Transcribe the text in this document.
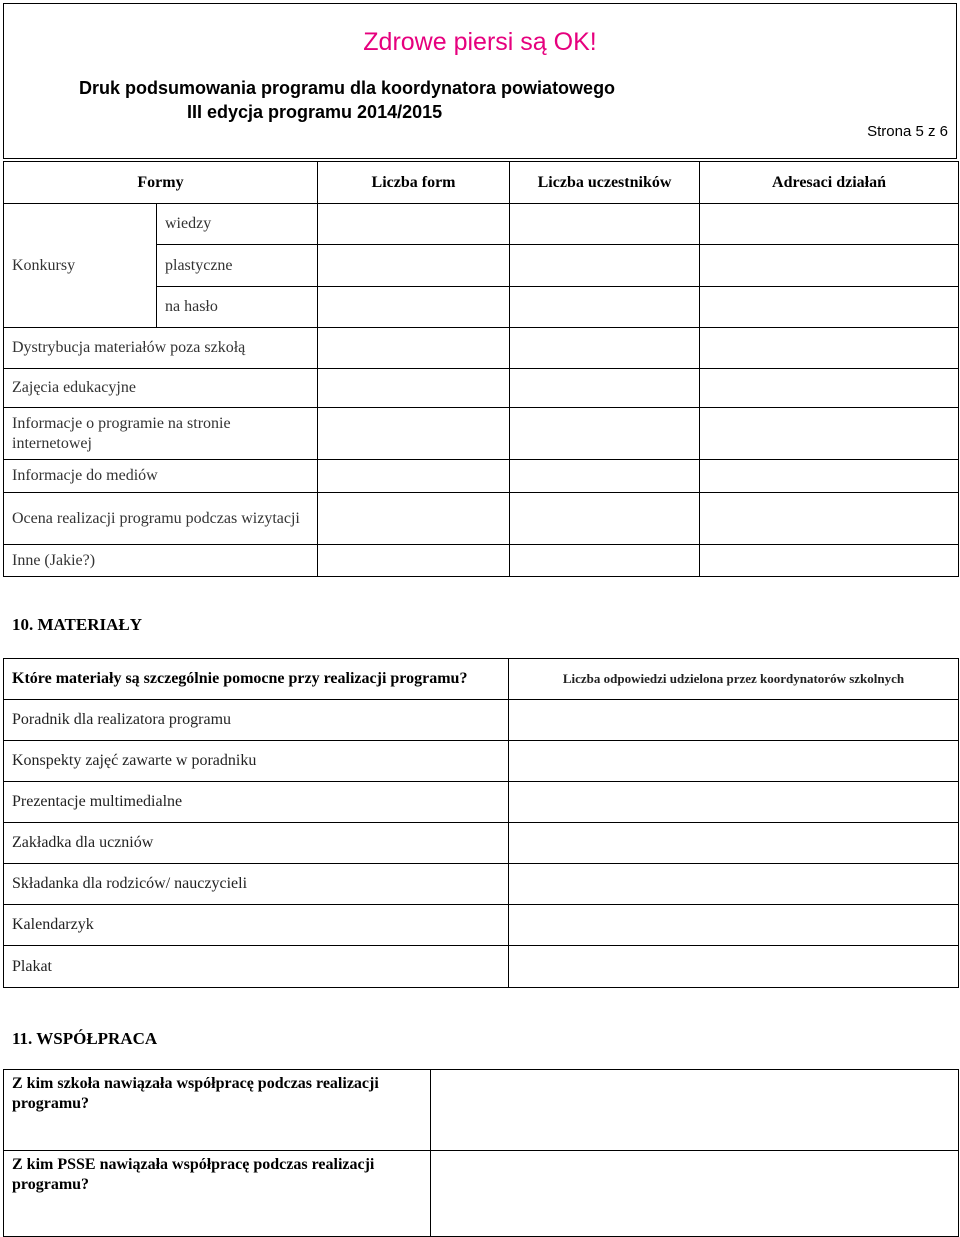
Zdrowe piersi są OK!
Druk podsumowania programu dla koordynatora powiatowego
III edycja programu 2014/2015
Strona 5 z 6
Formy		Liczba form	Liczba uczestników	Adresaci działań
Konkursy	wiedzy			
	plastyczne			
	na hasło			
Dystrybucja materiałów poza szkołą				
Zajęcia edukacyjne				
Informacje o programie na stronie internetowej				
Informacje do mediów				
Ocena realizacji programu podczas wizytacji				
Inne (Jakie?)				
10. MATERIAŁY
Które materiały są szczególnie pomocne przy realizacji programu?	Liczba odpowiedzi udzielona przez koordynatorów szkolnych
Poradnik dla realizatora programu	
Konspekty zajęć zawarte w poradniku	
Prezentacje multimedialne	
Zakładka dla uczniów	
Składanka dla rodziców/ nauczycieli	
Kalendarzyk	
Plakat	
11. WSPÓŁPRACA
Z kim szkoła nawiązała współpracę podczas realizacji programu?	
Z kim PSSE nawiązała współpracę podczas realizacji programu?	
